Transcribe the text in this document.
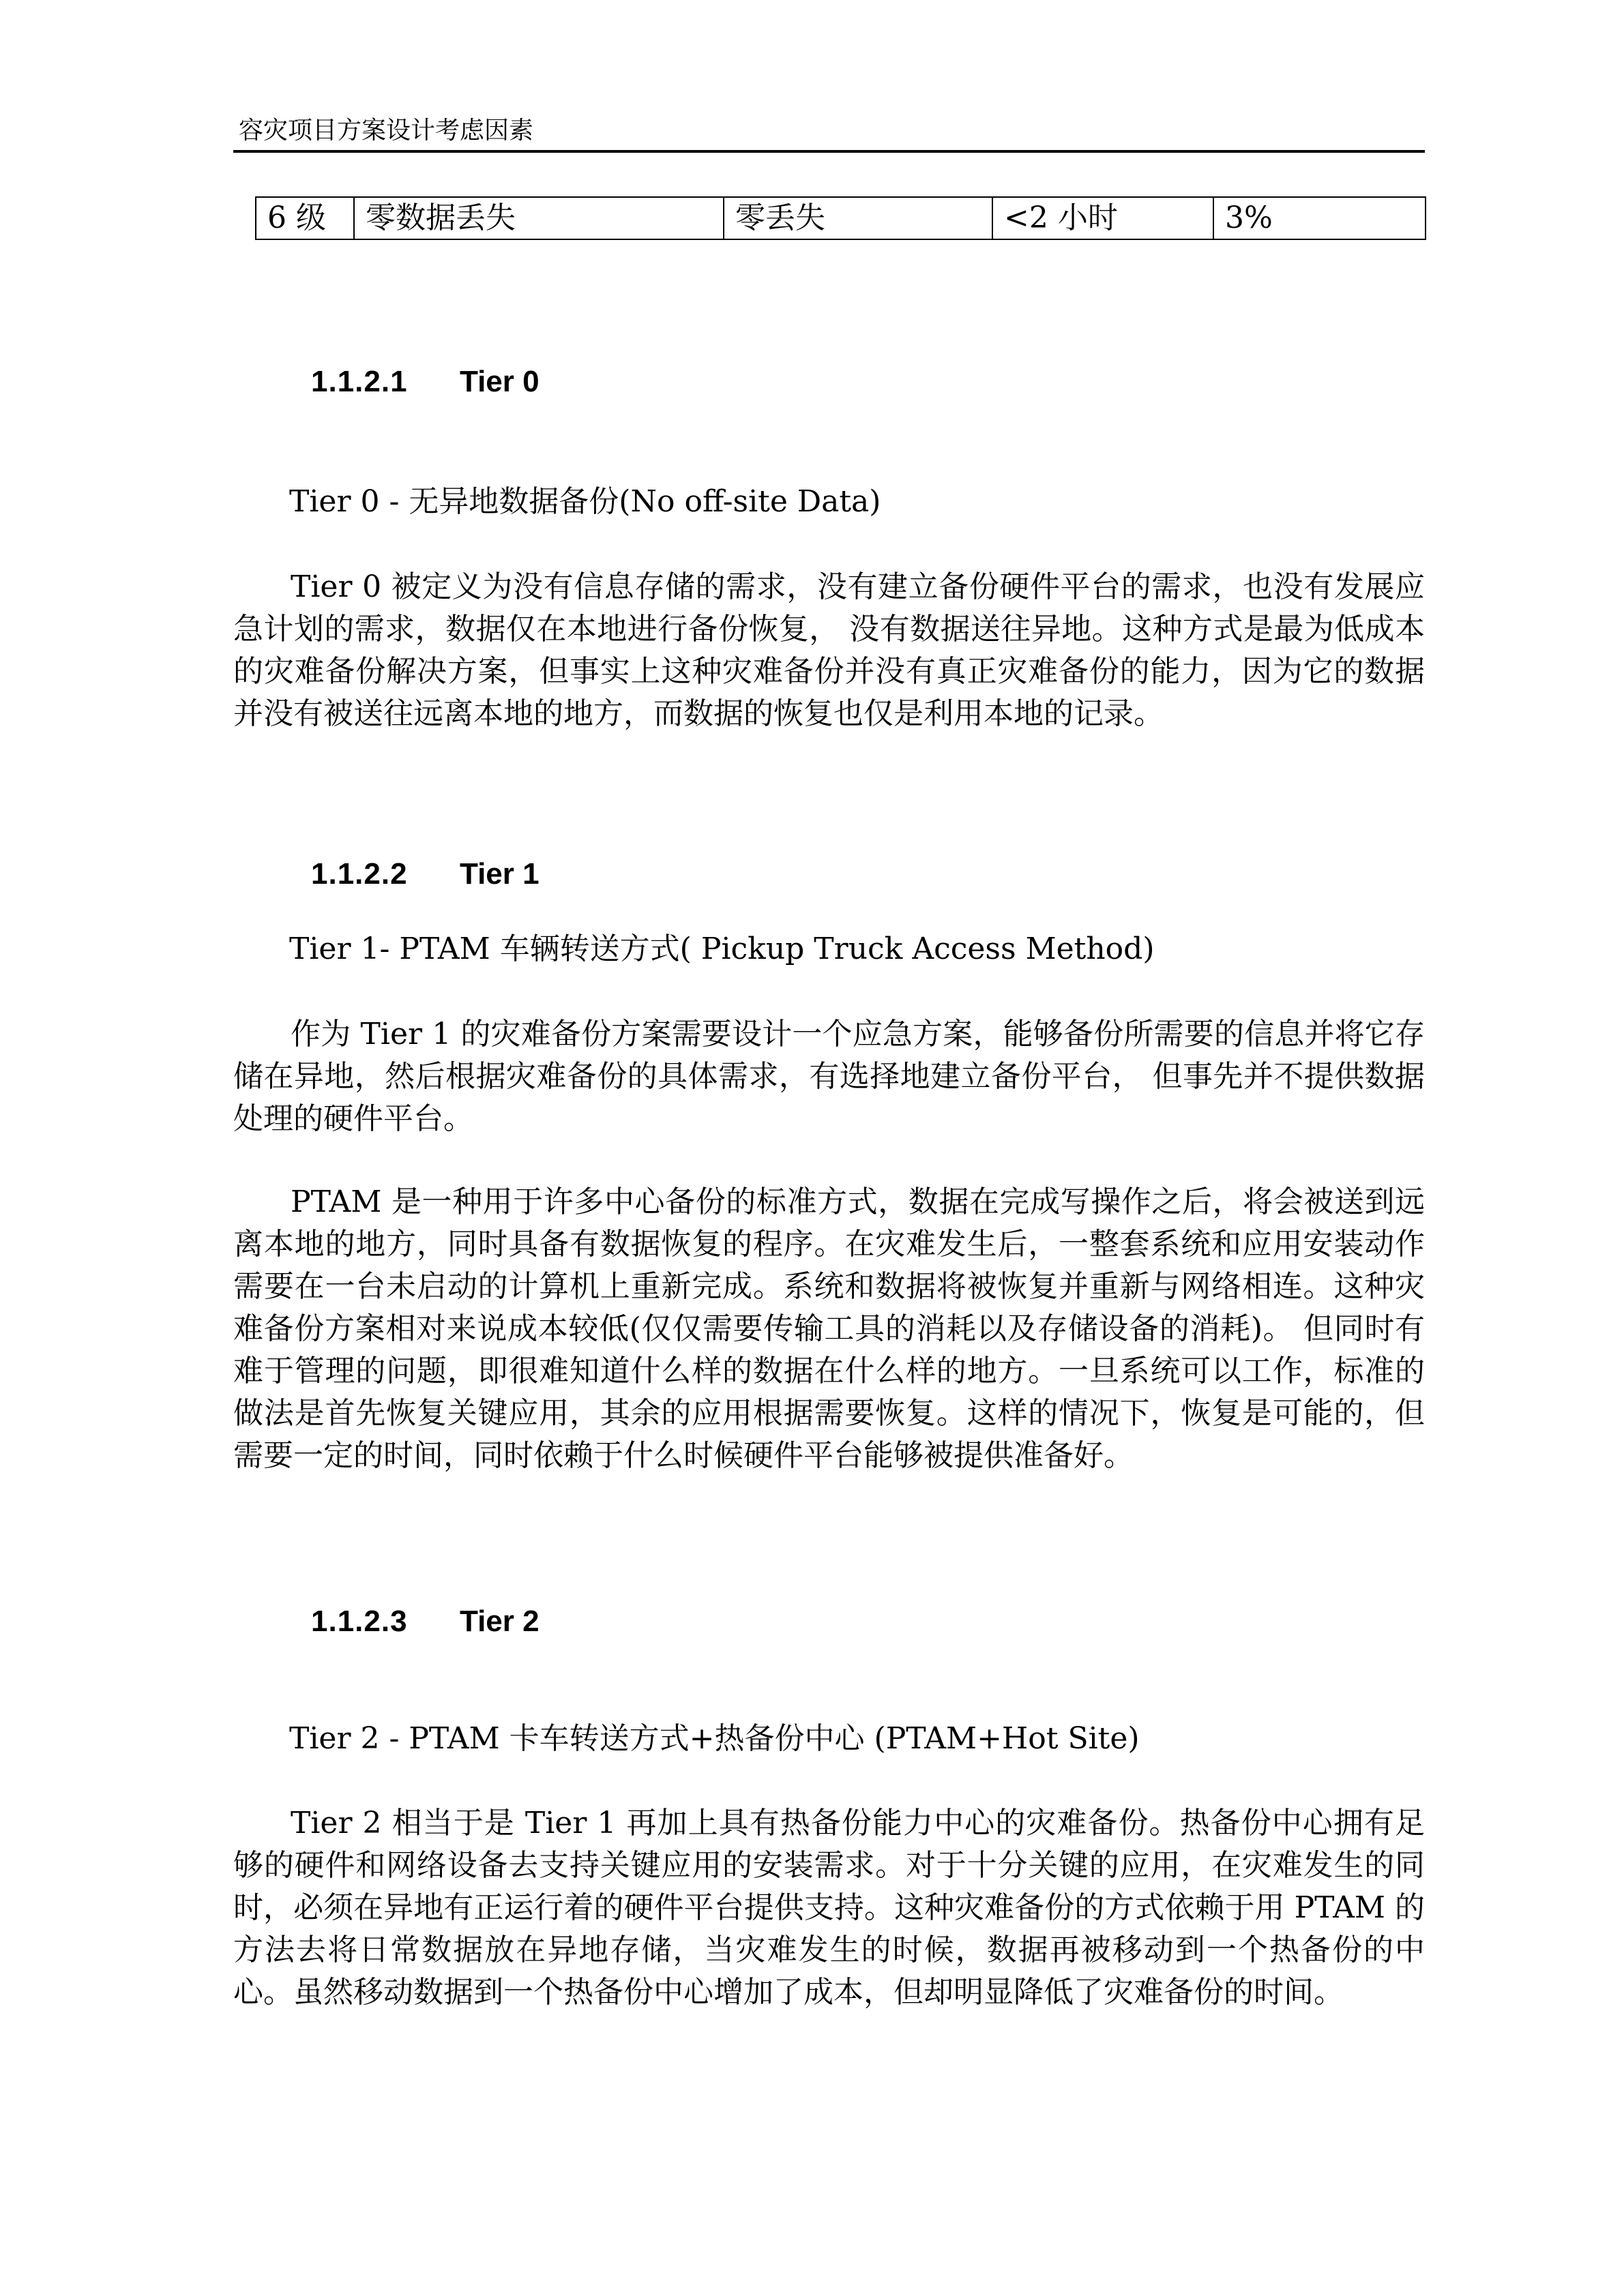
容灾项目方案设计考虑因素
6 级	零数据丢失	零丢失	<2 小时	3%
1.1.2.1 Tier 0
Tier 0 - 无异地数据备份(No off-site Data)

Tier 0 被定义为没有信息存储的需求，没有建立备份硬件平台的需求，也没有发展应急计划的需求，数据仅在本地进行备份恢复， 没有数据送往异地。这种方式是最为低成本的灾难备份解决方案，但事实上这种灾难备份并没有真正灾难备份的能力，因为它的数据并没有被送往远离本地的地方，而数据的恢复也仅是利用本地的记录。

1.1.2.2 Tier 1
Tier 1- PTAM 车辆转送方式( Pickup Truck Access Method)

作为 Tier 1 的灾难备份方案需要设计一个应急方案，能够备份所需要的信息并将它存储在异地，然后根据灾难备份的具体需求，有选择地建立备份平台， 但事先并不提供数据处理的硬件平台。

PTAM 是一种用于许多中心备份的标准方式，数据在完成写操作之后，将会被送到远离本地的地方，同时具备有数据恢复的程序。在灾难发生后，一整套系统和应用安装动作需要在一台未启动的计算机上重新完成。系统和数据将被恢复并重新与网络相连。这种灾难备份方案相对来说成本较低(仅仅需要传输工具的消耗以及存储设备的消耗)。 但同时有难于管理的问题，即很难知道什么样的数据在什么样的地方。一旦系统可以工作，标准的做法是首先恢复关键应用，其余的应用根据需要恢复。这样的情况下，恢复是可能的，但需要一定的时间，同时依赖于什么时候硬件平台能够被提供准备好。

1.1.2.3 Tier 2
Tier 2 - PTAM 卡车转送方式+热备份中心 (PTAM+Hot Site)

Tier 2 相当于是 Tier 1 再加上具有热备份能力中心的灾难备份。热备份中心拥有足够的硬件和网络设备去支持关键应用的安装需求。对于十分关键的应用，在灾难发生的同时，必须在异地有正运行着的硬件平台提供支持。这种灾难备份的方式依赖于用 PTAM 的方法去将日常数据放在异地存储，当灾难发生的时候，数据再被移动到一个热备份的中心。虽然移动数据到一个热备份中心增加了成本，但却明显降低了灾难备份的时间。
